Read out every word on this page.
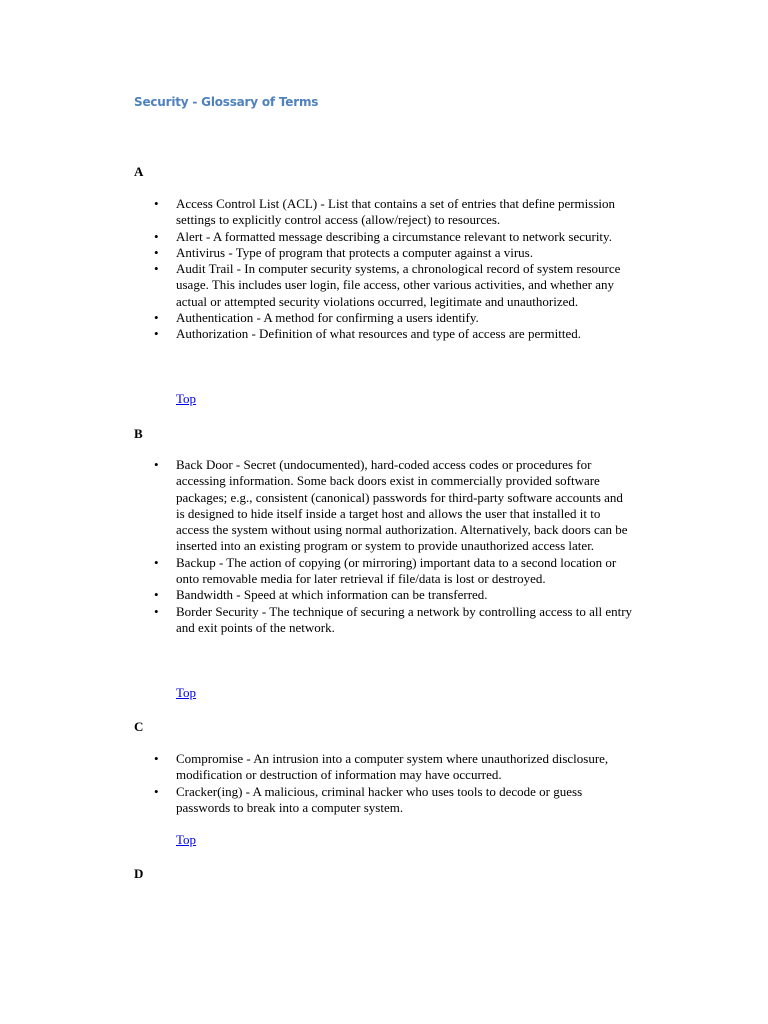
Security - Glossary of Terms
A
• Access Control List (ACL) - List that contains a set of entries that define permission settings to explicitly control access (allow/reject) to resources.
• Alert - A formatted message describing a circumstance relevant to network security.
• Antivirus - Type of program that protects a computer against a virus.
• Audit Trail - In computer security systems, a chronological record of system resource usage. This includes user login, file access, other various activities, and whether any actual or attempted security violations occurred, legitimate and unauthorized.
• Authentication - A method for confirming a users identify.
• Authorization - Definition of what resources and type of access are permitted.
Top
B
• Back Door - Secret (undocumented), hard-coded access codes or procedures for accessing information. Some back doors exist in commercially provided software packages; e.g., consistent (canonical) passwords for third-party software accounts and is designed to hide itself inside a target host and allows the user that installed it to access the system without using normal authorization. Alternatively, back doors can be inserted into an existing program or system to provide unauthorized access later.
• Backup - The action of copying (or mirroring) important data to a second location or onto removable media for later retrieval if file/data is lost or destroyed.
• Bandwidth - Speed at which information can be transferred.
• Border Security - The technique of securing a network by controlling access to all entry and exit points of the network.
Top
C
• Compromise - An intrusion into a computer system where unauthorized disclosure, modification or destruction of information may have occurred.
• Cracker(ing) - A malicious, criminal hacker who uses tools to decode or guess passwords to break into a computer system.
Top
D
